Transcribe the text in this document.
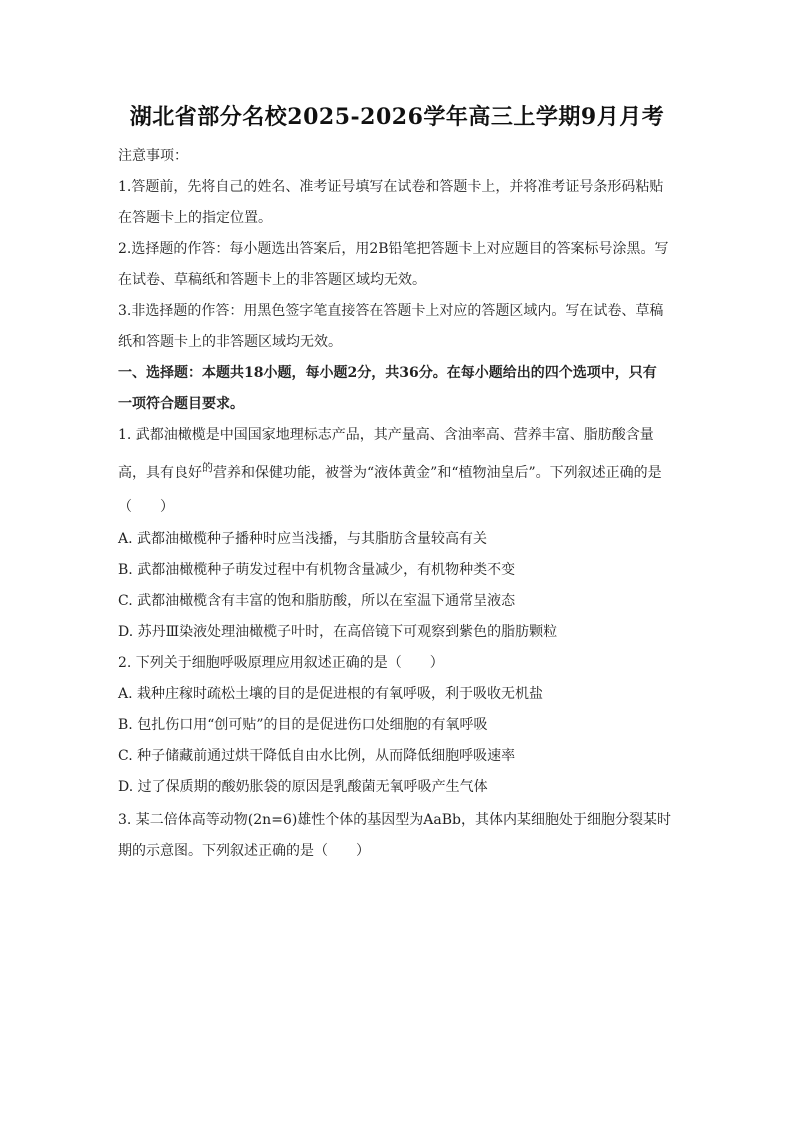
湖北省部分名校2025-2026学年高三上学期9月月考
注意事项：
1.答题前，先将自己的姓名、准考证号填写在试卷和答题卡上，并将准考证号条形码粘贴
在答题卡上的指定位置。
2.选择题的作答：每小题选出答案后，用2B铅笔把答题卡上对应题目的答案标号涂黑。写
在试卷、草稿纸和答题卡上的非答题区域均无效。
3.非选择题的作答：用黑色签字笔直接答在答题卡上对应的答题区域内。写在试卷、草稿
纸和答题卡上的非答题区域均无效。
一、选择题：本题共18小题，每小题2分，共36分。在每小题给出的四个选项中，只有
一项符合题目要求。
1. 武都油橄榄是中国国家地理标志产品，其产量高、含油率高、营养丰富、脂肪酸含量
高，具有良好$^的$营养和保健功能，被誉为“液体黄金”和“植物油皇后”。下列叙述正确的是
（　　）
A. 武都油橄榄种子播种时应当浅播，与其脂肪含量较高有关
B. 武都油橄榄种子萌发过程中有机物含量减少，有机物种类不变
C. 武都油橄榄含有丰富的饱和脂肪酸，所以在室温下通常呈液态
D. 苏丹Ⅲ染液处理油橄榄子叶时，在高倍镜下可观察到紫色的脂肪颗粒
2. 下列关于细胞呼吸原理应用叙述正确的是（　　）
A. 栽种庄稼时疏松土壤的目的是促进根的有氧呼吸，利于吸收无机盐
B. 包扎伤口用“创可贴”的目的是促进伤口处细胞的有氧呼吸
C. 种子储藏前通过烘干降低自由水比例，从而降低细胞呼吸速率
D. 过了保质期的酸奶胀袋的原因是乳酸菌无氧呼吸产生气体
3. 某二倍体高等动物(2n=6)雄性个体的基因型为AaBb，其体内某细胞处于细胞分裂某时
期的示意图。下列叙述正确的是（　　）
